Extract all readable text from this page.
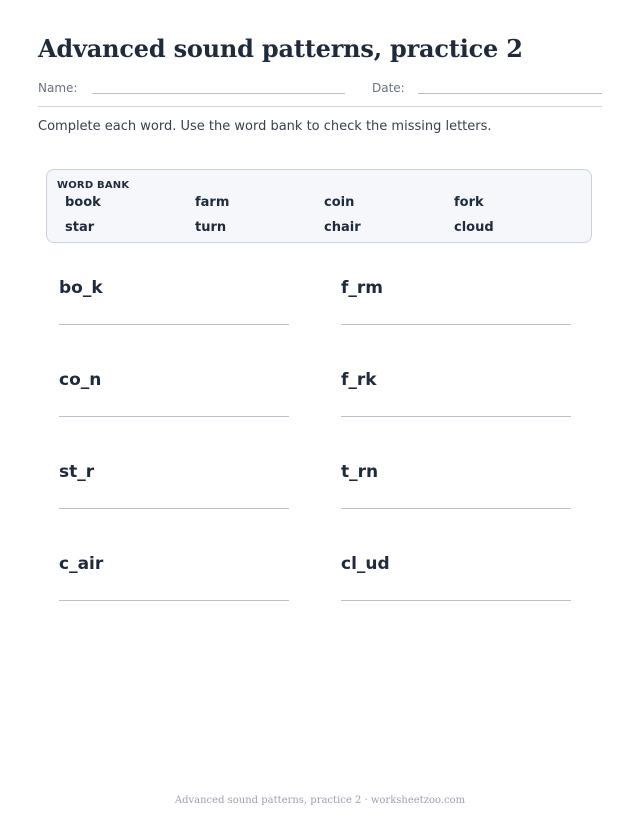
Advanced sound patterns, practice 2
Name:	Date:

Complete each word. Use the word bank to check the missing letters.

WORD BANK
book	farm	coin	fork
star	turn	chair	cloud
bo_k	f_rm
co_n	f_rk
st_r	t_rn
c_air	cl_ud
Advanced sound patterns, practice 2 · worksheetzoo.com
